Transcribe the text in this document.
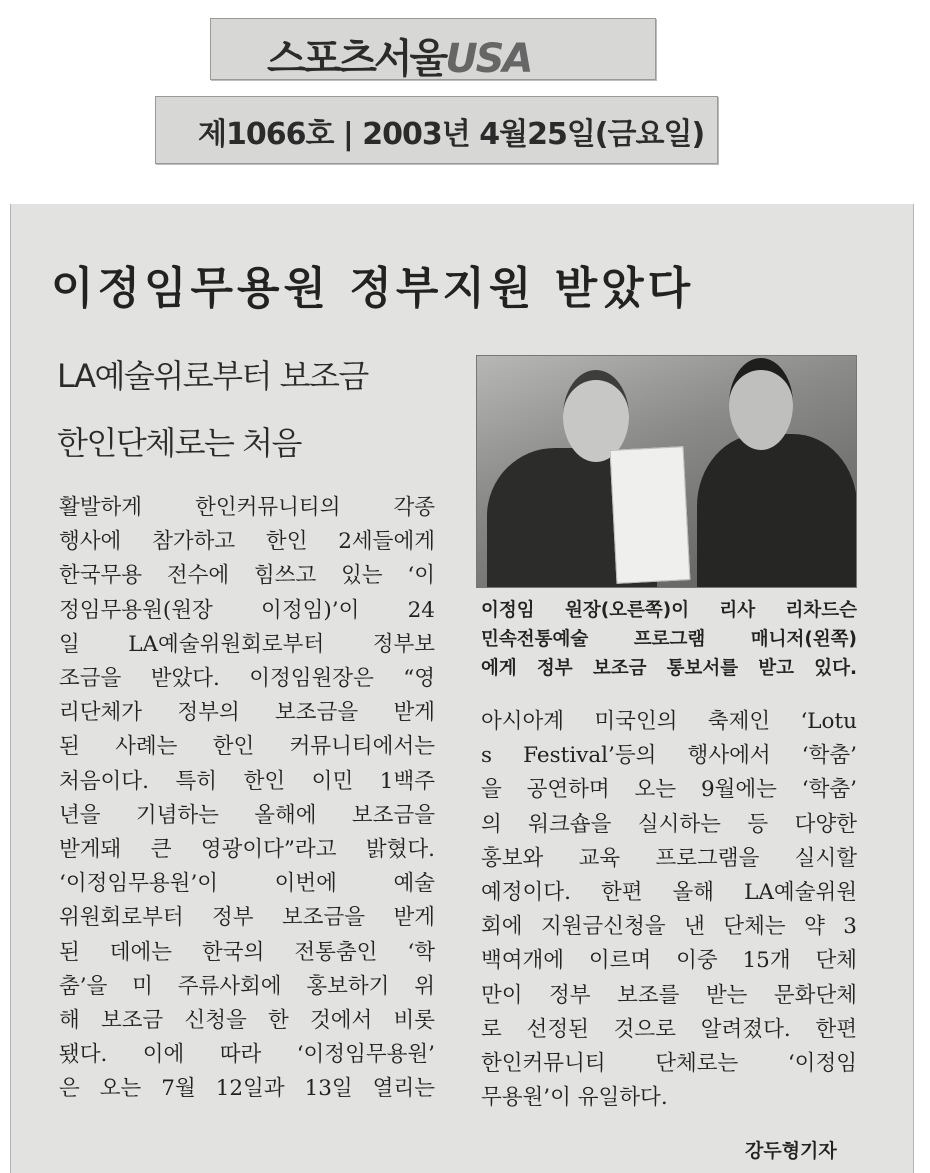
스포츠서울USA
제1066호 | 2003년 4월25일(금요일)
이정임무용원 정부지원 받았다
LA예술위로부터 보조금
한인단체로는 처음
활발하게 한인커뮤니티의 각종
행사에 참가하고 한인 2세들에게
한국무용 전수에 힘쓰고 있는 ‘이
정임무용원(원장 이정임)’이 24
일 LA예술위원회로부터 정부보
조금을 받았다. 이정임원장은 “영
리단체가 정부의 보조금을 받게
된 사례는 한인 커뮤니티에서는
처음이다. 특히 한인 이민 1백주
년을 기념하는 올해에 보조금을
받게돼 큰 영광이다”라고 밝혔다.
‘이정임무용원’이 이번에 예술
위원회로부터 정부 보조금을 받게
된 데에는 한국의 전통춤인 ‘학
춤’을 미 주류사회에 홍보하기 위
해 보조금 신청을 한 것에서 비롯
됐다. 이에 따라 ‘이정임무용원’
은 오는 7월 12일과 13일 열리는
이정임 원장(오른쪽)이 리사 리차드슨
민속전통예술 프로그램 매니저(왼쪽)
에게 정부 보조금 통보서를 받고 있다.
아시아계 미국인의 축제인 ‘Lotu
s Festival’등의 행사에서 ‘학춤’
을 공연하며 오는 9월에는 ‘학춤’
의 워크숍을 실시하는 등 다양한
홍보와 교육 프로그램을 실시할
예정이다. 한편 올해 LA예술위원
회에 지원금신청을 낸 단체는 약 3
백여개에 이르며 이중 15개 단체
만이 정부 보조를 받는 문화단체
로 선정된 것으로 알려졌다. 한편
한인커뮤니티 단체로는 ‘이정임
무용원’이 유일하다.
강두형기자
